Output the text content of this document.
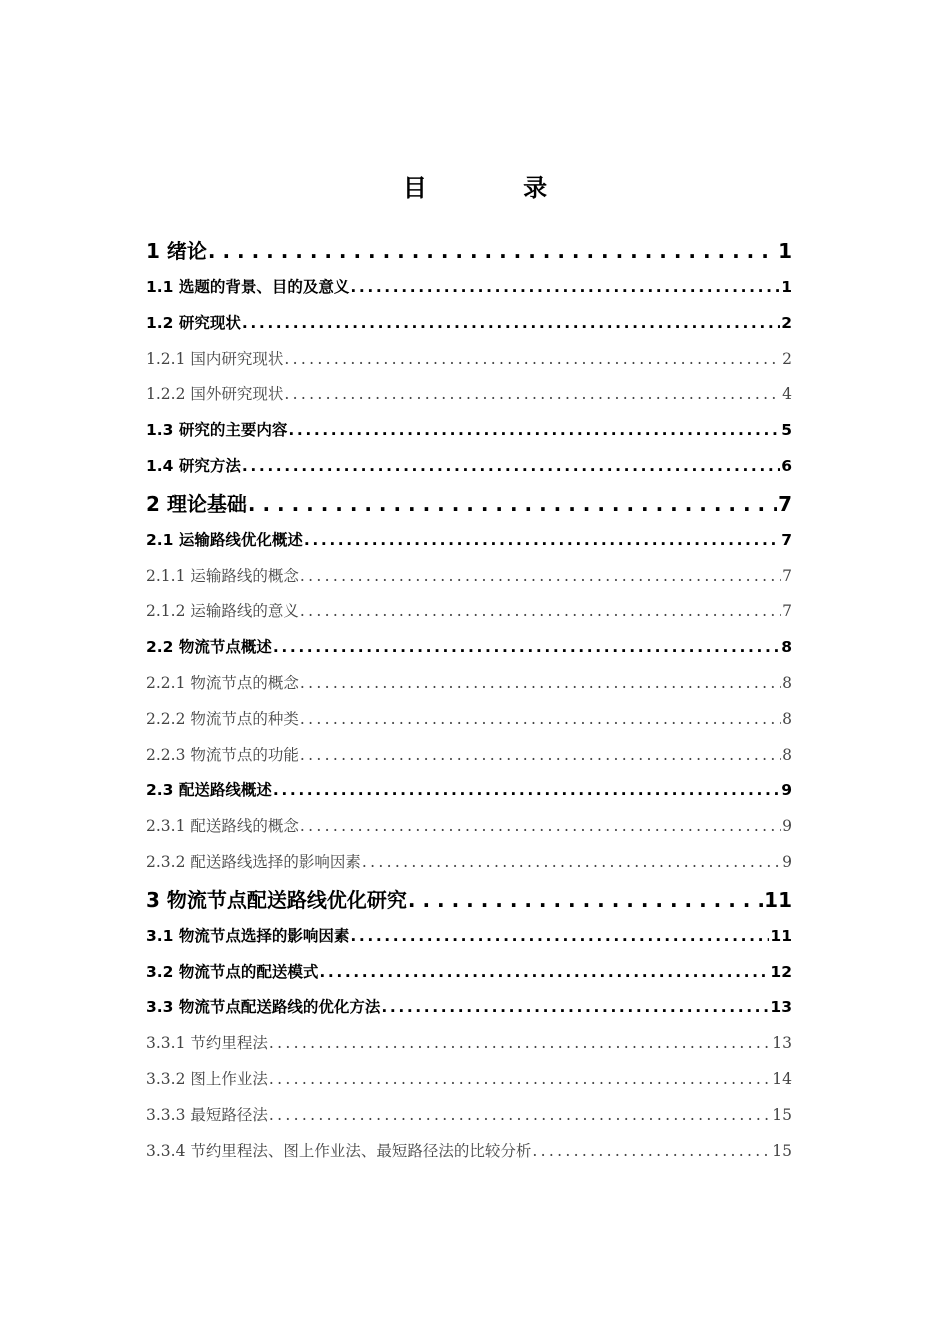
目 录
1 绪论 . . .	1
1.1 选题的背景、目的及意义 . . .	1
1.2 研究现状 . . .	2
1.2.1 国内研究现状 . . .	2
1.2.2 国外研究现状 . . .	4
1.3 研究的主要内容 . . .	5
1.4 研究方法 . . .	6
2 理论基础 . . .	7
2.1 运输路线优化概述 . . .	7
2.1.1 运输路线的概念 . . .	7
2.1.2 运输路线的意义 . . .	7
2.2 物流节点概述 . . .	8
2.2.1 物流节点的概念 . . .	8
2.2.2 物流节点的种类 . . .	8
2.2.3 物流节点的功能 . . .	8
2.3 配送路线概述 . . .	9
2.3.1 配送路线的概念 . . .	9
2.3.2 配送路线选择的影响因素 . . .	9
3 物流节点配送路线优化研究 . . .	11
3.1 物流节点选择的影响因素 . . .	11
3.2 物流节点的配送模式 . . .	12
3.3 物流节点配送路线的优化方法 . . .	13
3.3.1 节约里程法 . . .	13
3.3.2 图上作业法 . . .	14
3.3.3 最短路径法 . . .	15
3.3.4 节约里程法、图上作业法、最短路径法的比较分析 . . .	15
